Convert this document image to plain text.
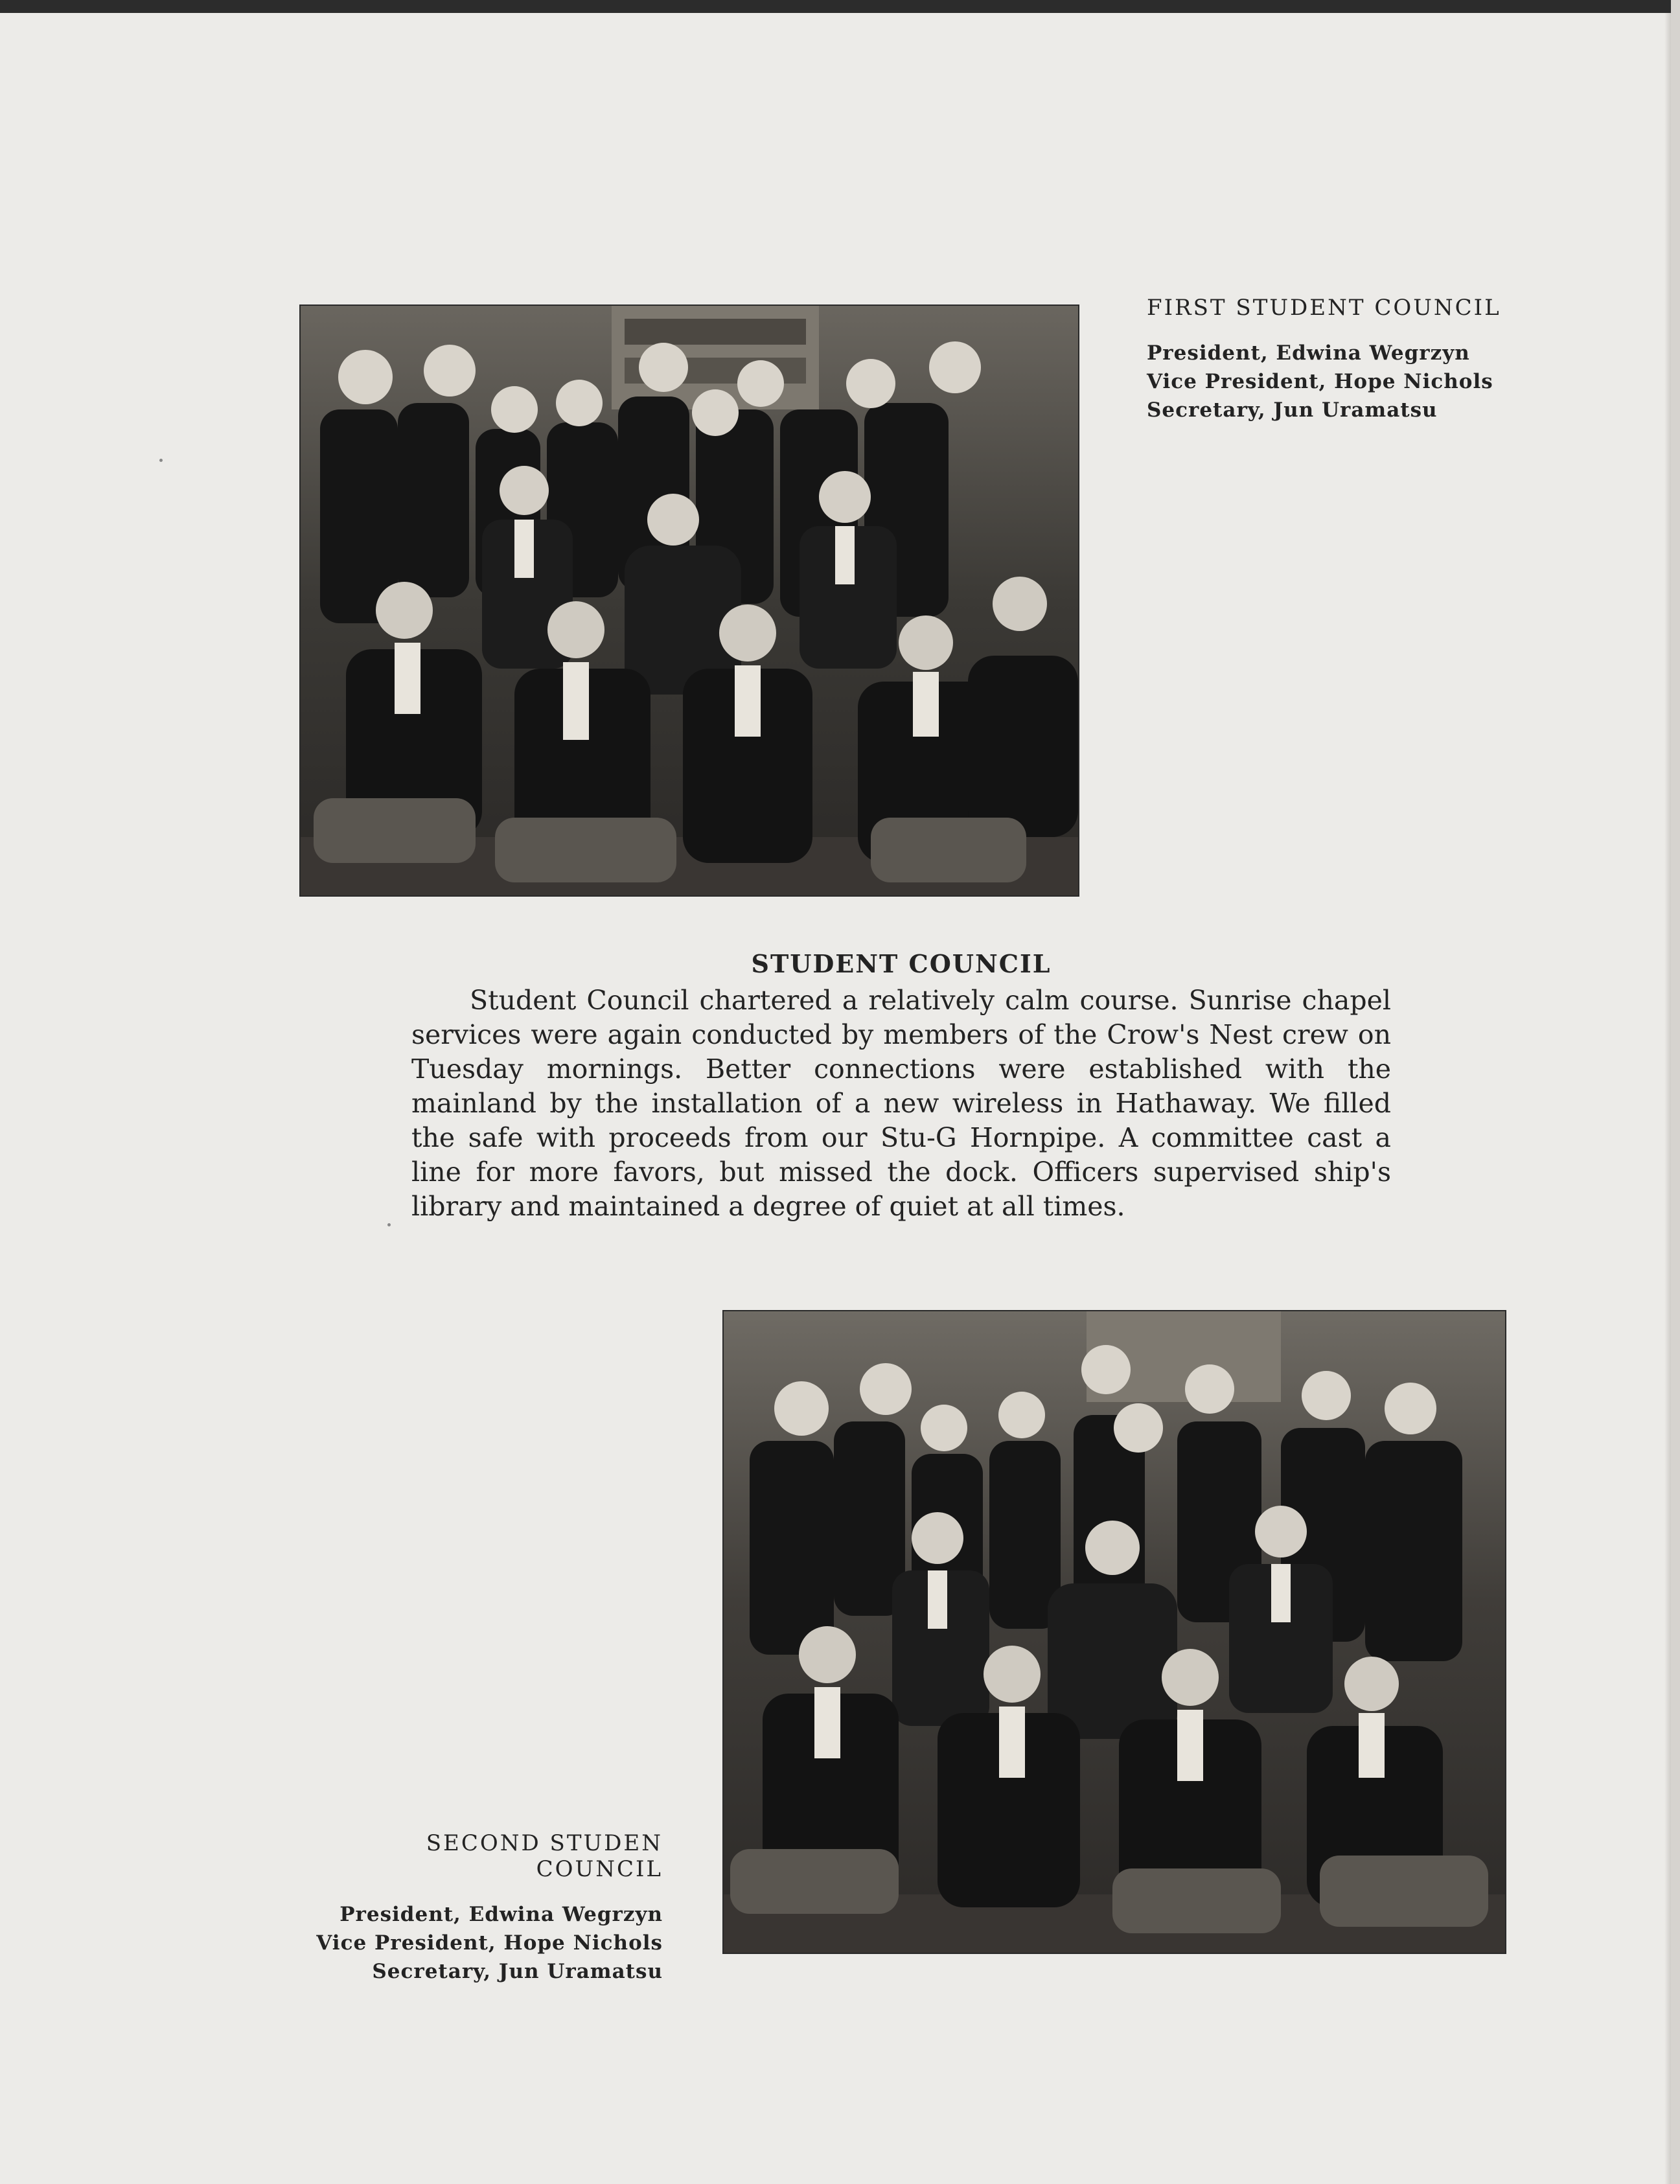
FIRST STUDENT COUNCIL
President, Edwina Wegrzyn
Vice President, Hope Nichols
Secretary, Jun Uramatsu
STUDENT COUNCIL

Student Council chartered a relatively calm course. Sunrise chapel services were again conducted by members of the Crow's Nest crew on Tuesday mornings. Better connections were established with the mainland by the installation of a new wireless in Hathaway. We filled the safe with proceeds from our Stu-G Hornpipe. A committee cast a line for more favors, but missed the dock. Officers supervised ship's library and maintained a degree of quiet at all times.

SECOND STUDEN COUNCIL
President, Edwina Wegrzyn
Vice President, Hope Nichols
Secretary, Jun Uramatsu
